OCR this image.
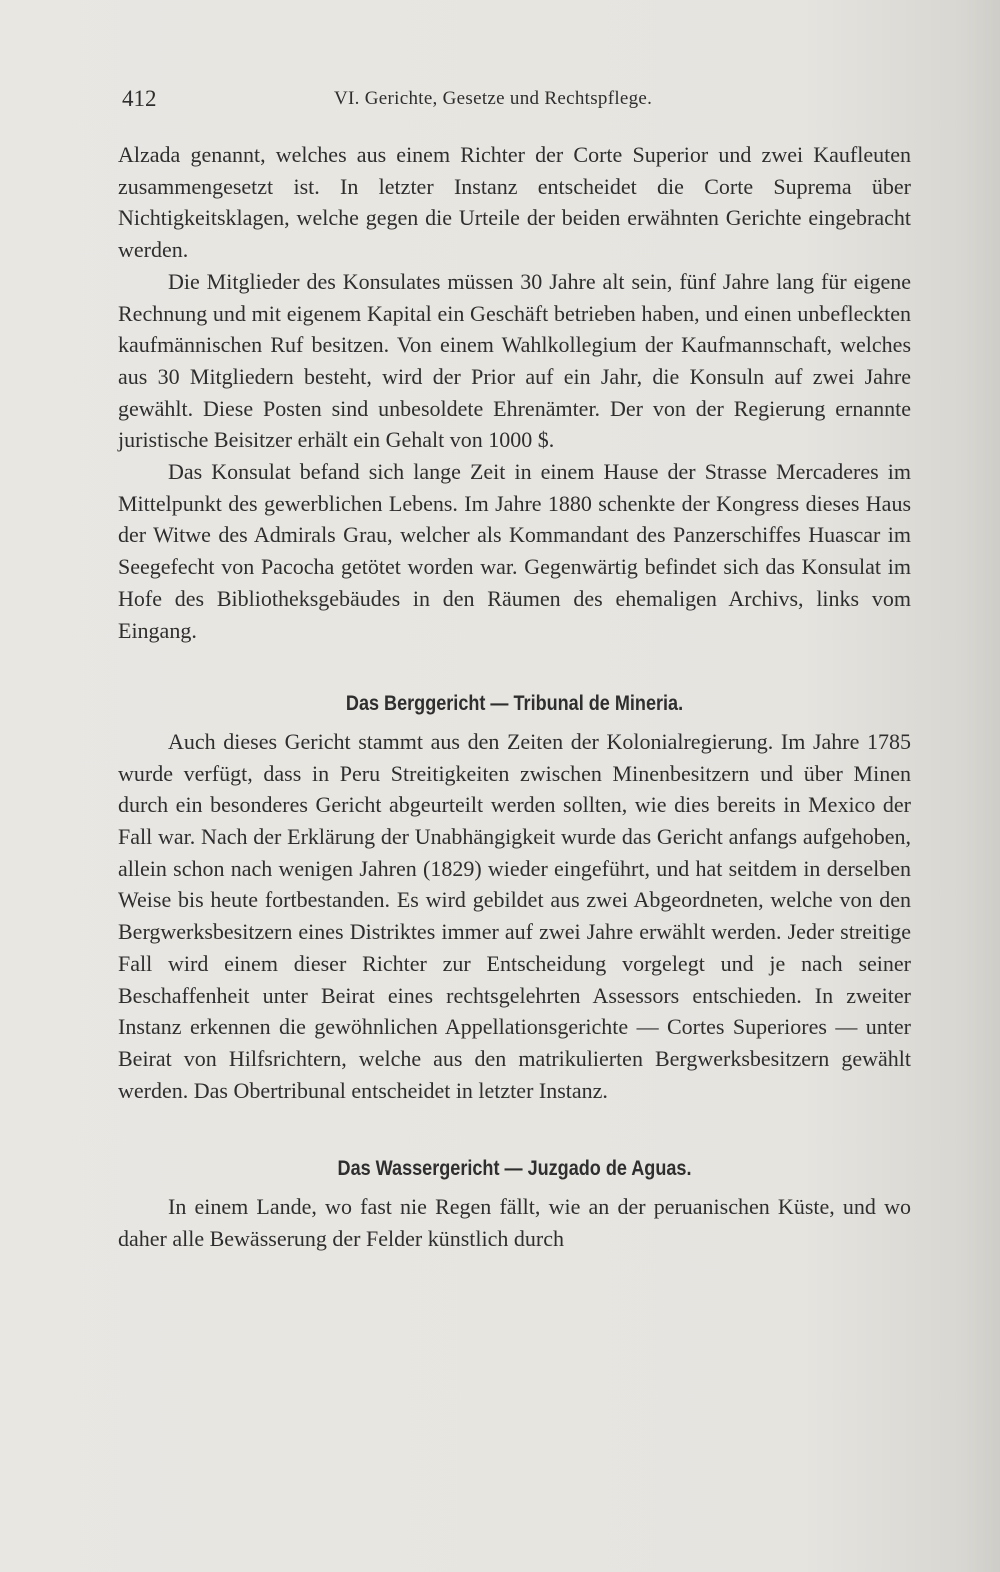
412	VI. Gerichte, Gesetze und Rechtspflege.

Alzada genannt, welches aus einem Richter der Corte Superior und zwei Kaufleuten zusammengesetzt ist. In letzter Instanz entscheidet die Corte Suprema über Nichtigkeitsklagen, welche gegen die Urteile der beiden erwähnten Gerichte eingebracht werden.

Die Mitglieder des Konsulates müssen 30 Jahre alt sein, fünf Jahre lang für eigene Rechnung und mit eigenem Kapital ein Geschäft betrieben haben, und einen unbefleckten kaufmännischen Ruf besitzen. Von einem Wahlkollegium der Kaufmannschaft, welches aus 30 Mitgliedern besteht, wird der Prior auf ein Jahr, die Konsuln auf zwei Jahre gewählt. Diese Posten sind unbesoldete Ehrenämter. Der von der Regierung ernannte juristische Beisitzer erhält ein Gehalt von 1000 $.

Das Konsulat befand sich lange Zeit in einem Hause der Strasse Mercaderes im Mittelpunkt des gewerblichen Lebens. Im Jahre 1880 schenkte der Kongress dieses Haus der Witwe des Admirals Grau, welcher als Kommandant des Panzerschiffes Huascar im Seegefecht von Pacocha getötet worden war. Gegenwärtig befindet sich das Konsulat im Hofe des Bibliotheksgebäudes in den Räumen des ehemaligen Archivs, links vom Eingang.

Das Berggericht — Tribunal de Mineria.

Auch dieses Gericht stammt aus den Zeiten der Kolonialregierung. Im Jahre 1785 wurde verfügt, dass in Peru Streitigkeiten zwischen Minenbesitzern und über Minen durch ein besonderes Gericht abgeurteilt werden sollten, wie dies bereits in Mexico der Fall war. Nach der Erklärung der Unabhängigkeit wurde das Gericht anfangs aufgehoben, allein schon nach wenigen Jahren (1829) wieder eingeführt, und hat seitdem in derselben Weise bis heute fortbestanden. Es wird gebildet aus zwei Abgeordneten, welche von den Bergwerksbesitzern eines Distriktes immer auf zwei Jahre erwählt werden. Jeder streitige Fall wird einem dieser Richter zur Entscheidung vorgelegt und je nach seiner Beschaffenheit unter Beirat eines rechtsgelehrten Assessors entschieden. In zweiter Instanz erkennen die gewöhnlichen Appellationsgerichte — Cortes Superiores — unter Beirat von Hilfsrichtern, welche aus den matrikulierten Bergwerksbesitzern gewählt werden. Das Obertribunal entscheidet in letzter Instanz.

Das Wassergericht — Juzgado de Aguas.

In einem Lande, wo fast nie Regen fällt, wie an der peruanischen Küste, und wo daher alle Bewässerung der Felder künstlich durch
